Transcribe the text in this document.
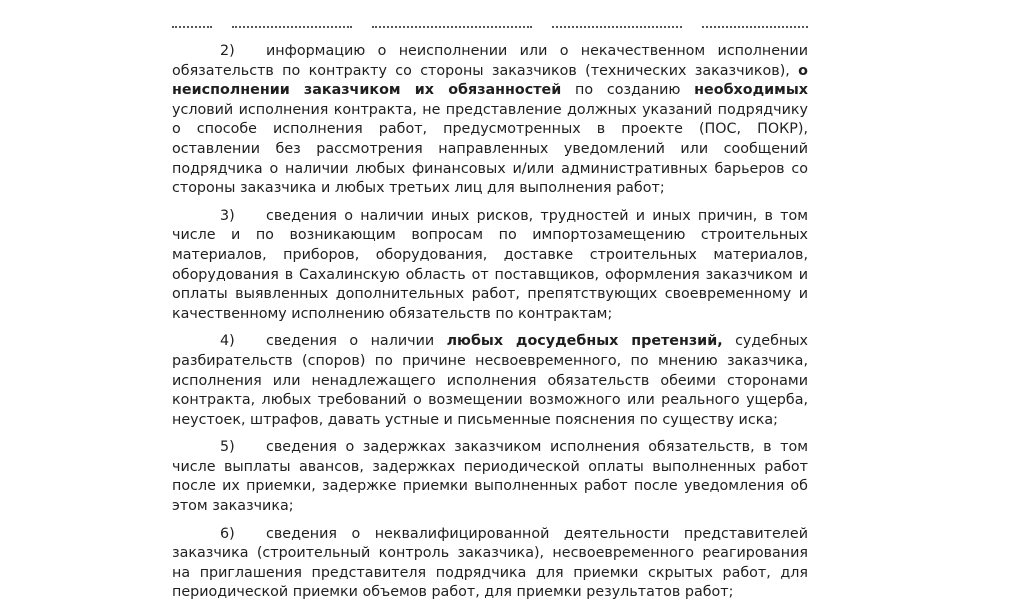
2) информацию о неисполнении или о некачественном исполнении обязательств по контракту со стороны заказчиков (технических заказчиков), о неисполнении заказчиком их обязанностей по созданию необходимых условий исполнения контракта, не представление должных указаний подрядчику о способе исполнения работ, предусмотренных в проекте (ПОС, ПОКР), оставлении без рассмотрения направленных уведомлений или сообщений подрядчика о наличии любых финансовых и/или административных барьеров со стороны заказчика и любых третьих лиц для выполнения работ;

3) сведения о наличии иных рисков, трудностей и иных причин, в том числе и по возникающим вопросам по импортозамещению строительных материалов, приборов, оборудования, доставке строительных материалов, оборудования в Сахалинскую область от поставщиков, оформления заказчиком и оплаты выявленных дополнительных работ, препятствующих своевременному и качественному исполнению обязательств по контрактам;

4) сведения о наличии любых досудебных претензий, судебных разбирательств (споров) по причине несвоевременного, по мнению заказчика, исполнения или ненадлежащего исполнения обязательств обеими сторонами контракта, любых требований о возмещении возможного или реального ущерба, неустоек, штрафов, давать устные и письменные пояснения по существу иска;

5) сведения о задержках заказчиком исполнения обязательств, в том числе выплаты авансов, задержках периодической оплаты выполненных работ после их приемки, задержке приемки выполненных работ после уведомления об этом заказчика;

6) сведения о неквалифицированной деятельности представителей заказчика (строительный контроль заказчика), несвоевременного реагирования на приглашения представителя подрядчика для приемки скрытых работ, для периодической приемки объемов работ, для приемки результатов работ;
